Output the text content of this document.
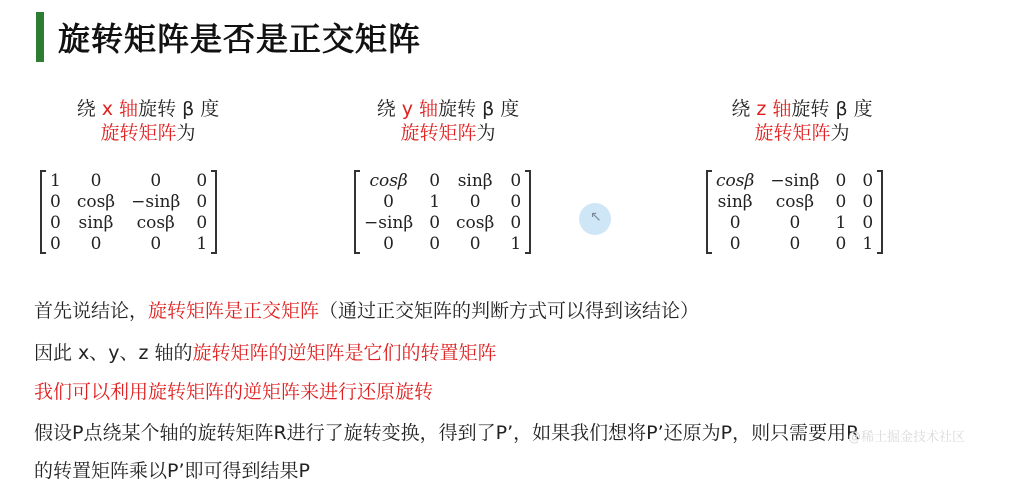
旋转矩阵是否是正交矩阵
绕 x 轴旋转 β 度
旋转矩阵为
绕 y 轴旋转 β 度
旋转矩阵为
绕 z 轴旋转 β 度
旋转矩阵为
1	0	0	0
0	cosβ	−sinβ	0
0	sinβ	cosβ	0
0	0	0	1
cosβ	0	sinβ	0
0	1	0	0
−sinβ	0	cosβ	0
0	0	0	1
cosβ	−sinβ	0	0
sinβ	cosβ	0	0
0	0	1	0
0	0	0	1
↖
首先说结论，旋转矩阵是正交矩阵（通过正交矩阵的判断方式可以得到该结论）
因此 x、y、z 轴的旋转矩阵的逆矩阵是它们的转置矩阵
我们可以利用旋转矩阵的逆矩阵来进行还原旋转
假设P点绕某个轴的旋转矩阵R进行了旋转变换，得到了P’，如果我们想将P’还原为P，则只需要用R
的转置矩阵乘以P’即可得到结果P
@稀土掘金技术社区
